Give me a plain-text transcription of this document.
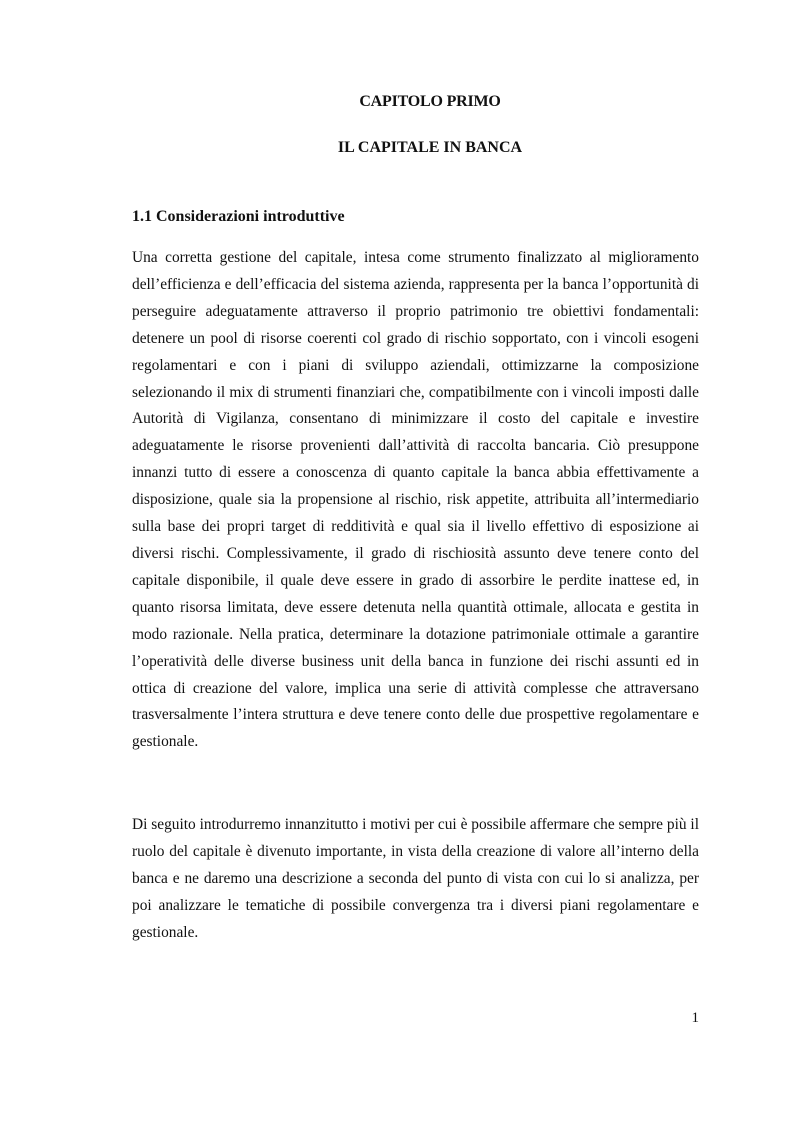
CAPITOLO PRIMO
IL CAPITALE IN BANCA
1.1 Considerazioni introduttive

Una corretta gestione del capitale, intesa come strumento finalizzato al miglioramento dell’efficienza e dell’efficacia del sistema azienda, rappresenta per la banca l’opportunità di perseguire adeguatamente attraverso il proprio patrimonio tre obiettivi fondamentali: detenere un pool di risorse coerenti col grado di rischio sopportato, con i vincoli esogeni regolamentari e con i piani di sviluppo aziendali, ottimizzarne la composizione selezionando il mix di strumenti finanziari che, compatibilmente con i vincoli imposti dalle Autorità di Vigilanza, consentano di minimizzare il costo del capitale e investire adeguatamente le risorse provenienti dall’attività di raccolta bancaria. Ciò presuppone innanzi tutto di essere a conoscenza di quanto capitale la banca abbia effettivamente a disposizione, quale sia la propensione al rischio, risk appetite, attribuita all’intermediario sulla base dei propri target di redditività e qual sia il livello effettivo di esposizione ai diversi rischi. Complessivamente, il grado di rischiosità assunto deve tenere conto del capitale disponibile, il quale deve essere in grado di assorbire le perdite inattese ed, in quanto risorsa limitata, deve essere detenuta nella quantità ottimale, allocata e gestita in modo razionale. Nella pratica, determinare la dotazione patrimoniale ottimale a garantire l’operatività delle diverse business unit della banca in funzione dei rischi assunti ed in ottica di creazione del valore, implica una serie di attività complesse che attraversano trasversalmente l’intera struttura e deve tenere conto delle due prospettive regolamentare e gestionale.

Di seguito introdurremo innanzitutto i motivi per cui è possibile affermare che sempre più il ruolo del capitale è divenuto importante, in vista della creazione di valore all’interno della banca e ne daremo una descrizione a seconda del punto di vista con cui lo si analizza, per poi analizzare le tematiche di possibile convergenza tra i diversi piani regolamentare e gestionale.

1
